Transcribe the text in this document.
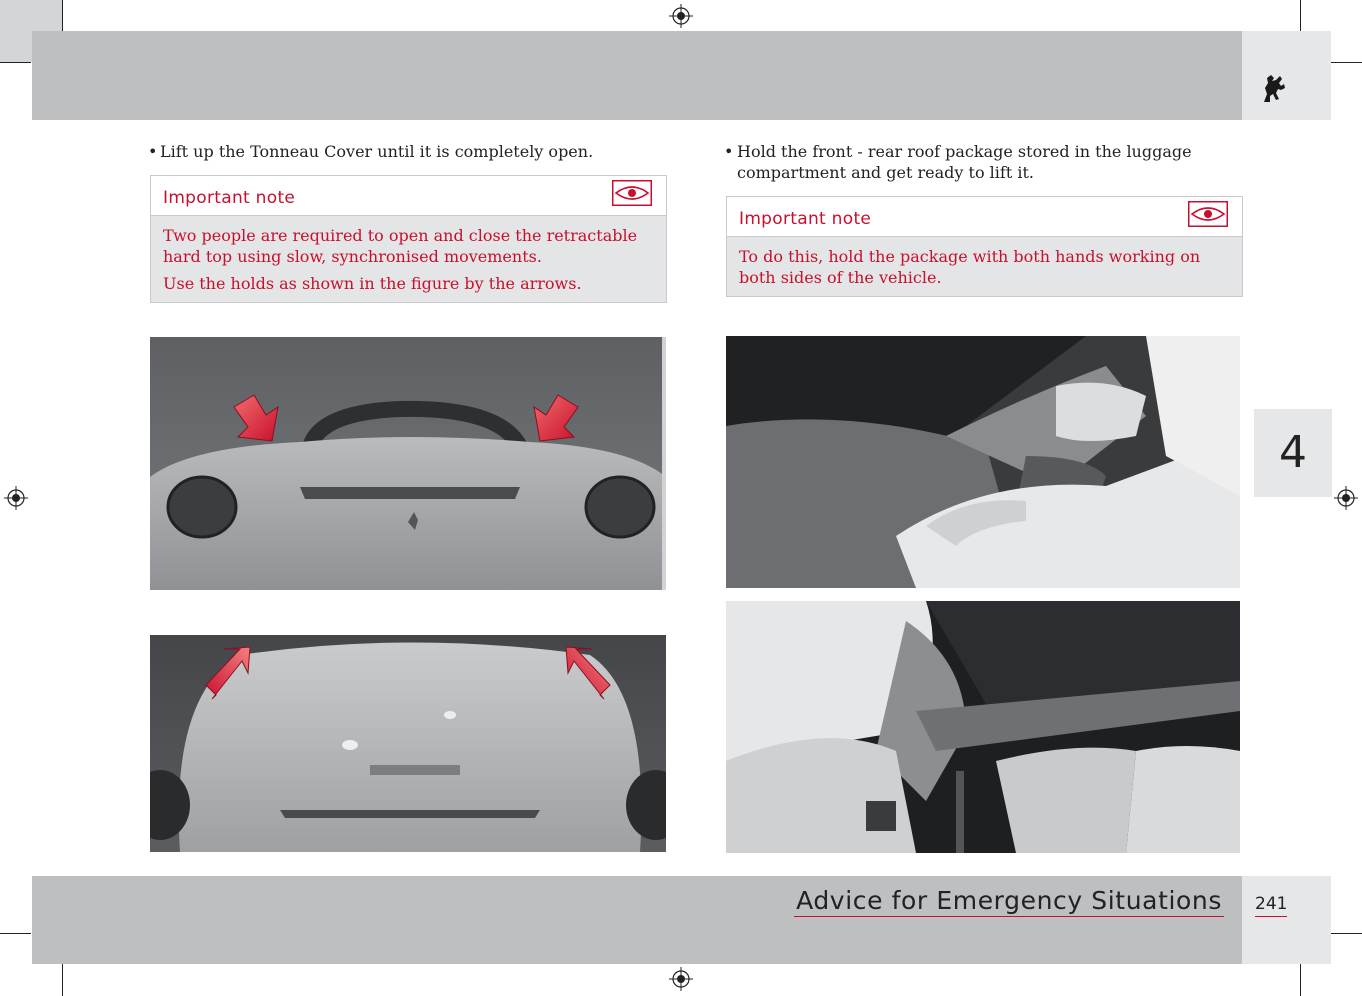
• Lift up the Tonneau Cover until it is completely open.
Important note

Two people are required to open and close the retractable hard top using slow, synchronised movements.

Use the holds as shown in the figure by the arrows.

• Hold the front - rear roof package stored in the luggage compartment and get ready to lift it.
Important note

To do this, hold the package with both hands working on both sides of the vehicle.

4
Advice for Emergency Situations 241
